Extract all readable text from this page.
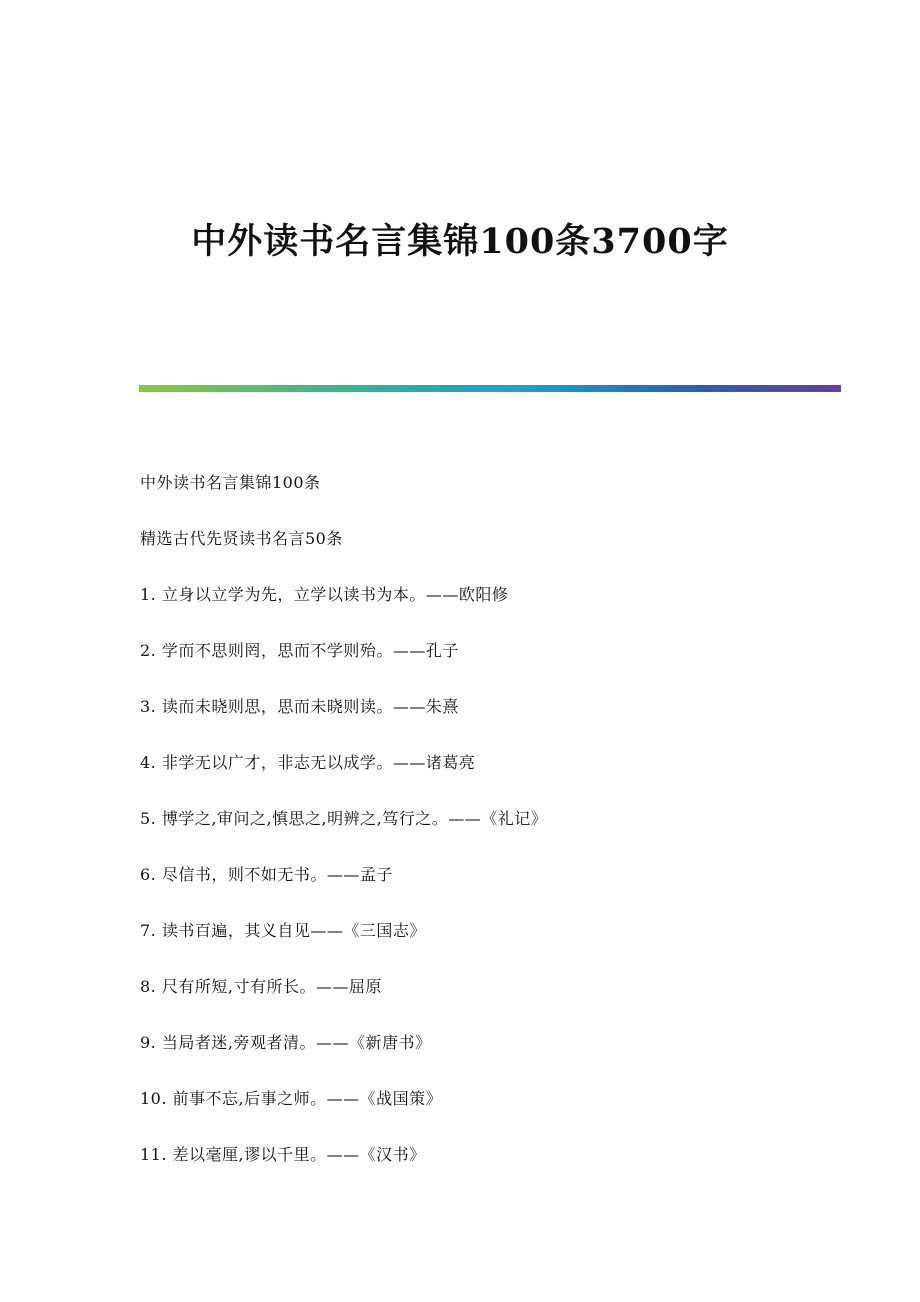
中外读书名言集锦100条3700字
中外读书名言集锦100条
精选古代先贤读书名言50条
1. 立身以立学为先，立学以读书为本。——欧阳修
2. 学而不思则罔，思而不学则殆。——孔子
3. 读而未晓则思，思而未晓则读。——朱熹
4. 非学无以广才，非志无以成学。——诸葛亮
5. 博学之,审问之,慎思之,明辨之,笃行之。——《礼记》
6. 尽信书，则不如无书。——孟子
7. 读书百遍，其义自见——《三国志》
8. 尺有所短,寸有所长。——屈原
9. 当局者迷,旁观者清。——《新唐书》
10. 前事不忘,后事之师。——《战国策》
11. 差以毫厘,谬以千里。——《汉书》
